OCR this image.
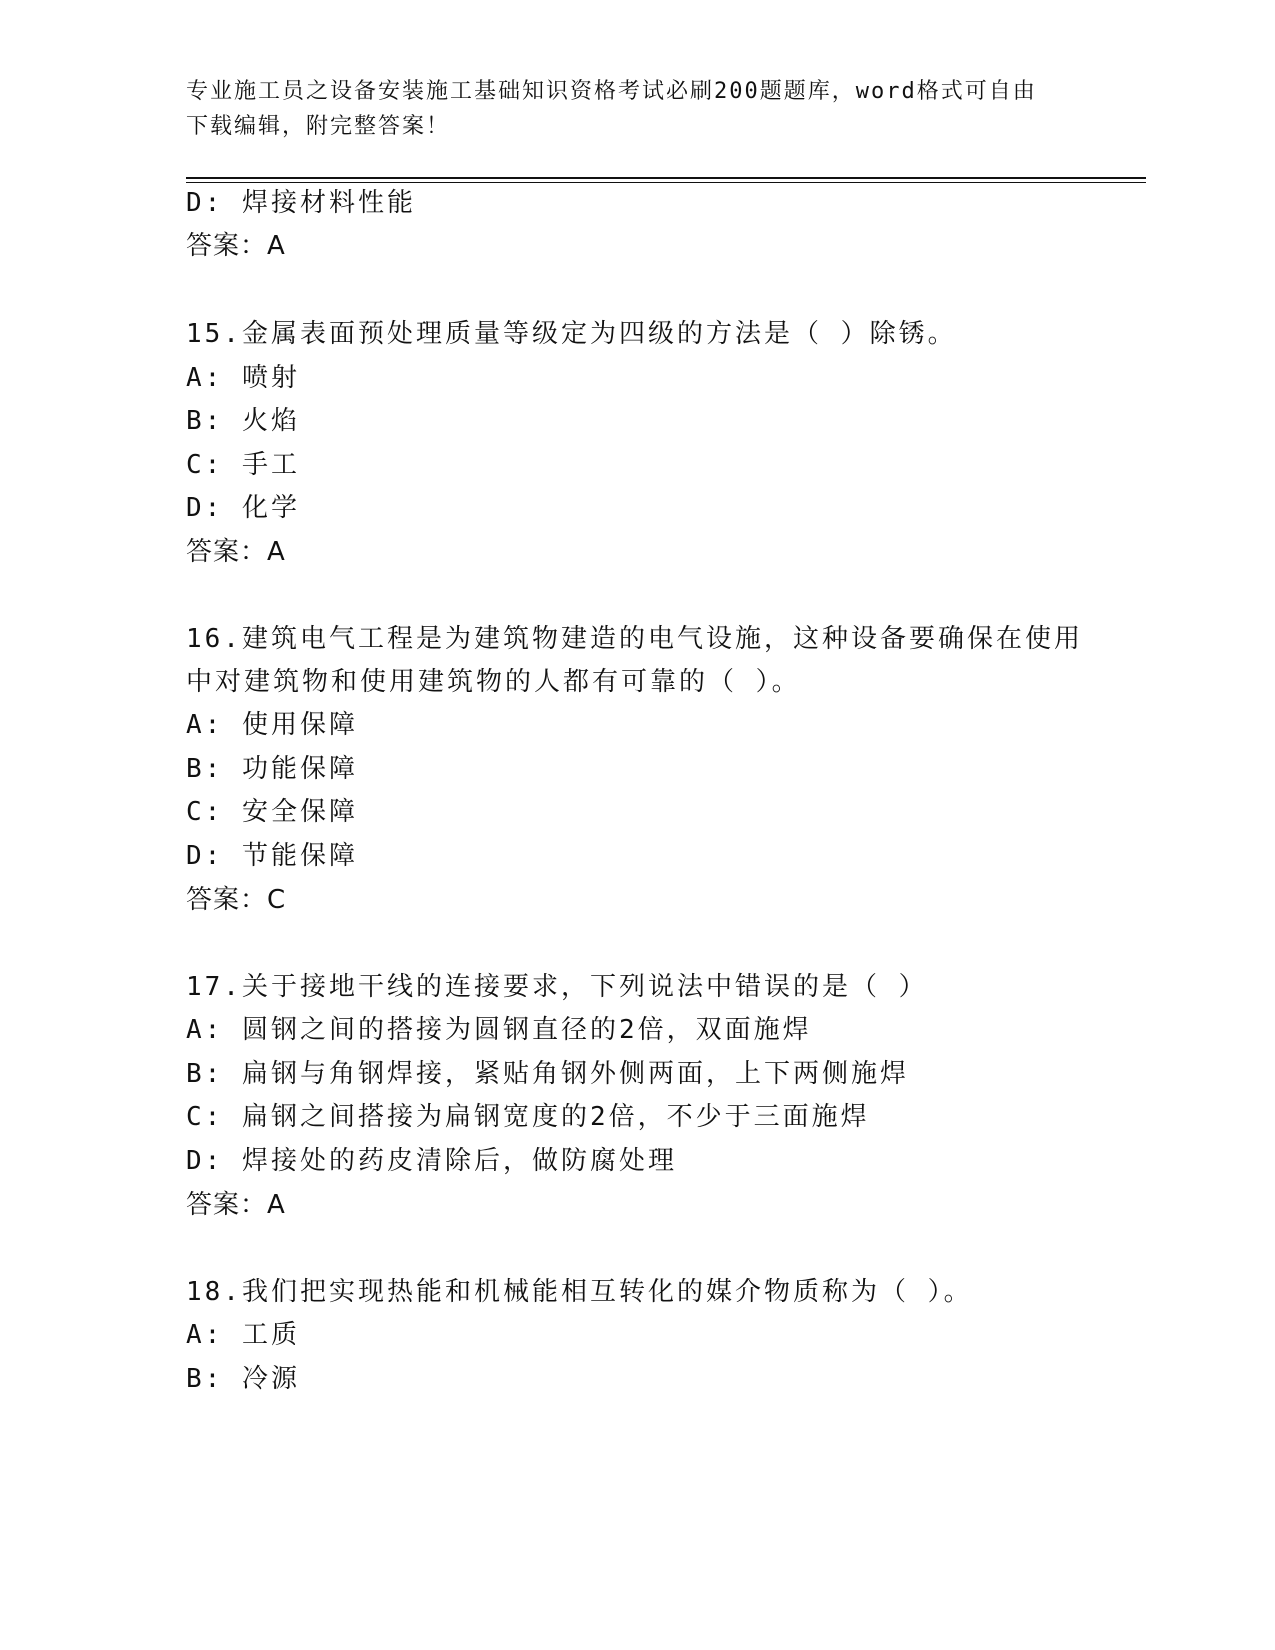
专业施工员之设备安装施工基础知识资格考试必刷200题题库，word格式可自由
下载编辑，附完整答案！
D: 焊接材料性能
答案：A
15.金属表面预处理质量等级定为四级的方法是（ ）除锈。
A: 喷射
B: 火焰
C: 手工
D: 化学
答案：A
16.建筑电气工程是为建筑物建造的电气设施，这种设备要确保在使用
中对建筑物和使用建筑物的人都有可靠的（ ）。
A: 使用保障
B: 功能保障
C: 安全保障
D: 节能保障
答案：C
17.关于接地干线的连接要求，下列说法中错误的是（ ）
A: 圆钢之间的搭接为圆钢直径的2倍，双面施焊
B: 扁钢与角钢焊接，紧贴角钢外侧两面，上下两侧施焊
C: 扁钢之间搭接为扁钢宽度的2倍，不少于三面施焊
D: 焊接处的药皮清除后，做防腐处理
答案：A
18.我们把实现热能和机械能相互转化的媒介物质称为（ ）。
A: 工质
B: 冷源
